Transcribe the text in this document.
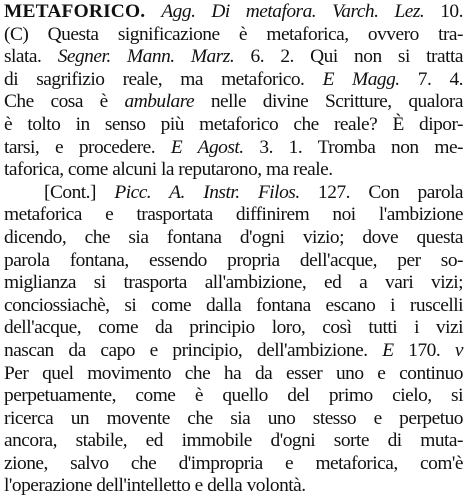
METAFORICO. Agg. Di metafora. Varch. Lez. 10.
(C) Questa significazione è metaforica, ovvero tra-
slata. Segner. Mann. Marz. 6. 2. Qui non si tratta
di sagrifizio reale, ma metaforico. E Magg. 7. 4.
Che cosa è ambulare nelle divine Scritture, qualora
è tolto in senso più metaforico che reale? È dipor-
tarsi, e procedere. E Agost. 3. 1. Tromba non me-
taforica, come alcuni la reputarono, ma reale.
[Cont.] Picc. A. Instr. Filos. 127. Con parola
metaforica e trasportata diffinirem noi l'ambizione
dicendo, che sia fontana d'ogni vizio; dove questa
parola fontana, essendo propria dell'acque, per so-
miglianza si trasporta all'ambizione, ed a vari vizi;
conciossiachè, si come dalla fontana escano i ruscelli
dell'acque, come da principio loro, così tutti i vizi
nascan da capo e principio, dell'ambizione. E 170. v
Per quel movimento che ha da esser uno e continuo
perpetuamente, come è quello del primo cielo, si
ricerca un movente che sia uno stesso e perpetuo
ancora, stabile, ed immobile d'ogni sorte di muta-
zione, salvo che d'impropria e metaforica, com'è
l'operazione dell'intelletto e della volontà.
